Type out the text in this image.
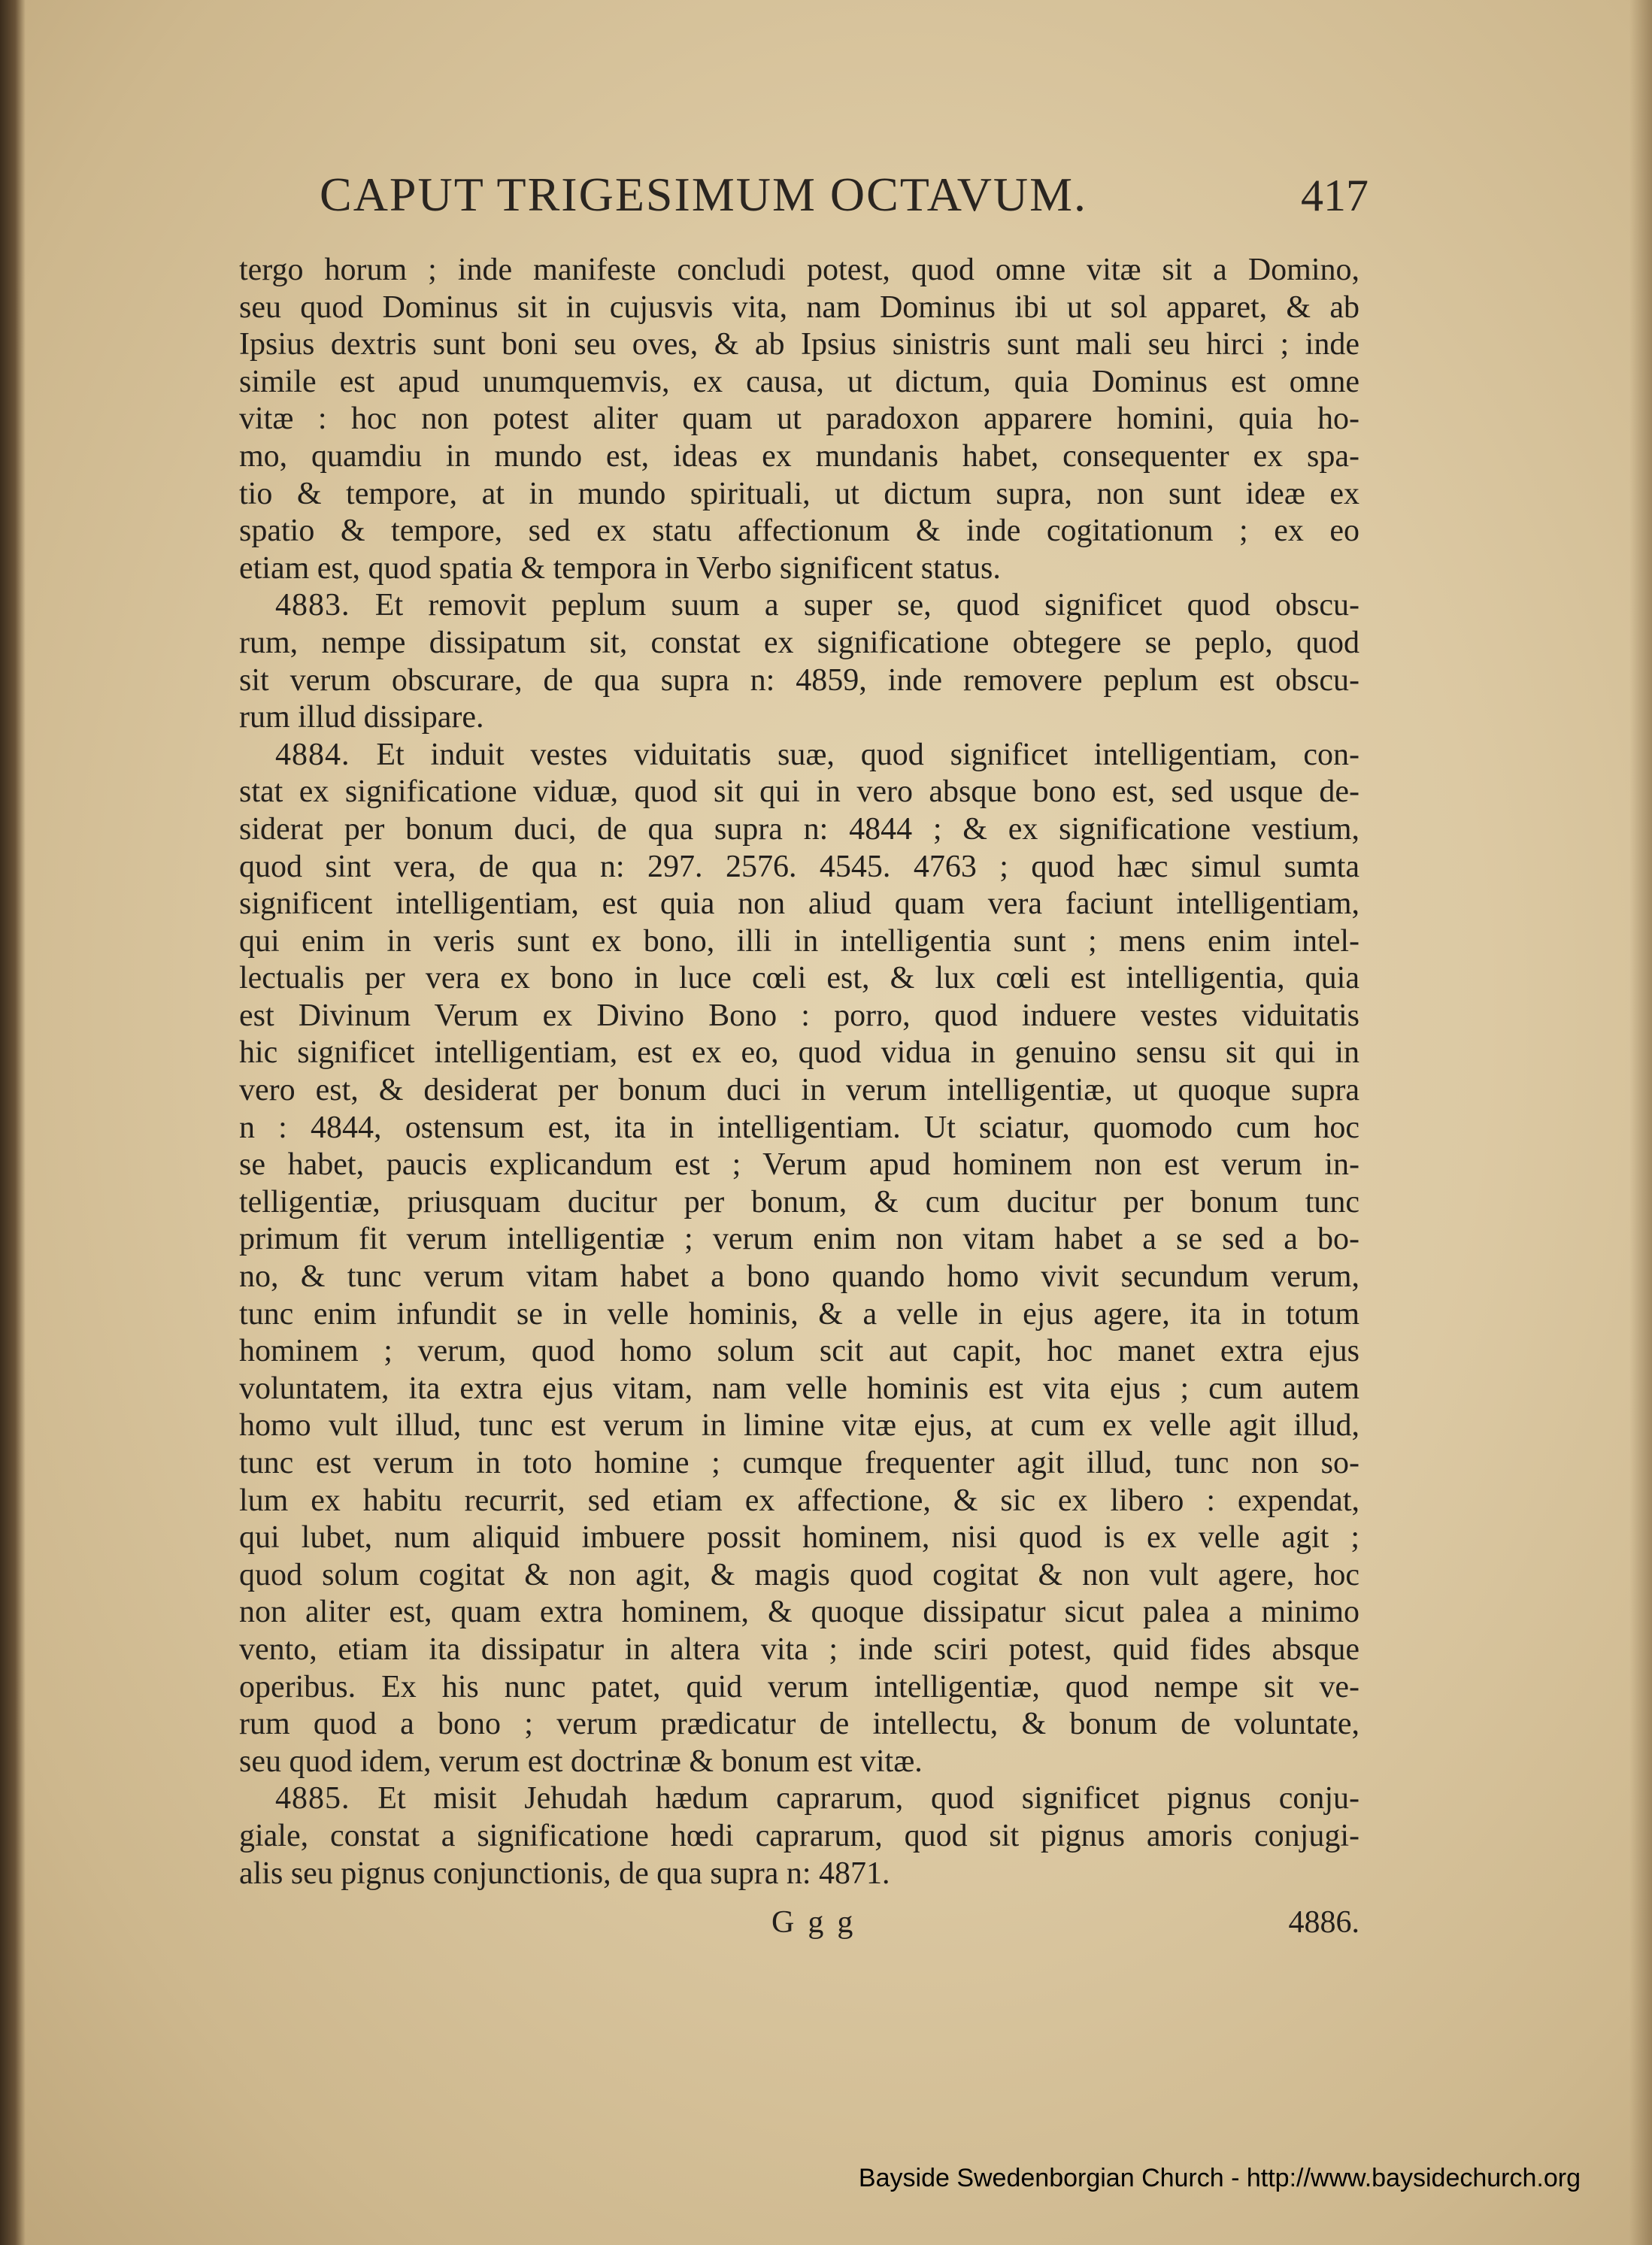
CAPUT TRIGESIMUM OCTAVUM.	417
tergo horum ; inde manifeste concludi potest, quod omne vitæ sit a Domino,
seu quod Dominus sit in cujusvis vita, nam Dominus ibi ut sol apparet, & ab
Ipsius dextris sunt boni seu oves, & ab Ipsius sinistris sunt mali seu hirci ; inde
simile est apud unumquemvis, ex causa, ut dictum, quia Dominus est omne
vitæ : hoc non potest aliter quam ut paradoxon apparere homini, quia ho-
mo, quamdiu in mundo est, ideas ex mundanis habet, consequenter ex spa-
tio & tempore, at in mundo spirituali, ut dictum supra, non sunt ideæ ex
spatio & tempore, sed ex statu affectionum & inde cogitationum ; ex eo
etiam est, quod spatia & tempora in Verbo significent status.
4883. Et removit peplum suum a super se, quod significet quod obscu-
rum, nempe dissipatum sit, constat ex significatione obtegere se peplo, quod
sit verum obscurare, de qua supra n: 4859, inde removere peplum est obscu-
rum illud dissipare.
4884. Et induit vestes viduitatis suæ, quod significet intelligentiam, con-
stat ex significatione viduæ, quod sit qui in vero absque bono est, sed usque de-
siderat per bonum duci, de qua supra n: 4844 ; & ex significatione vestium,
quod sint vera, de qua n: 297. 2576. 4545. 4763 ; quod hæc simul sumta
significent intelligentiam, est quia non aliud quam vera faciunt intelligentiam,
qui enim in veris sunt ex bono, illi in intelligentia sunt ; mens enim intel-
lectualis per vera ex bono in luce cœli est, & lux cœli est intelligentia, quia
est Divinum Verum ex Divino Bono : porro, quod induere vestes viduitatis
hic significet intelligentiam, est ex eo, quod vidua in genuino sensu sit qui in
vero est, & desiderat per bonum duci in verum intelligentiæ, ut quoque supra
n : 4844, ostensum est, ita in intelligentiam. Ut sciatur, quomodo cum hoc
se habet, paucis explicandum est ; Verum apud hominem non est verum in-
telligentiæ, priusquam ducitur per bonum, & cum ducitur per bonum tunc
primum fit verum intelligentiæ ; verum enim non vitam habet a se sed a bo-
no, & tunc verum vitam habet a bono quando homo vivit secundum verum,
tunc enim infundit se in velle hominis, & a velle in ejus agere, ita in totum
hominem ; verum, quod homo solum scit aut capit, hoc manet extra ejus
voluntatem, ita extra ejus vitam, nam velle hominis est vita ejus ; cum autem
homo vult illud, tunc est verum in limine vitæ ejus, at cum ex velle agit illud,
tunc est verum in toto homine ; cumque frequenter agit illud, tunc non so-
lum ex habitu recurrit, sed etiam ex affectione, & sic ex libero : expendat,
qui lubet, num aliquid imbuere possit hominem, nisi quod is ex velle agit ;
quod solum cogitat & non agit, & magis quod cogitat & non vult agere, hoc
non aliter est, quam extra hominem, & quoque dissipatur sicut palea a minimo
vento, etiam ita dissipatur in altera vita ; inde sciri potest, quid fides absque
operibus. Ex his nunc patet, quid verum intelligentiæ, quod nempe sit ve-
rum quod a bono ; verum prædicatur de intellectu, & bonum de voluntate,
seu quod idem, verum est doctrinæ & bonum est vitæ.
4885. Et misit Jehudah hædum caprarum, quod significet pignus conju-
giale, constat a significatione hœdi caprarum, quod sit pignus amoris conjugi-
alis seu pignus conjunctionis, de qua supra n: 4871.
Ggg	4886.
Bayside Swedenborgian Church - http://www.baysidechurch.org
